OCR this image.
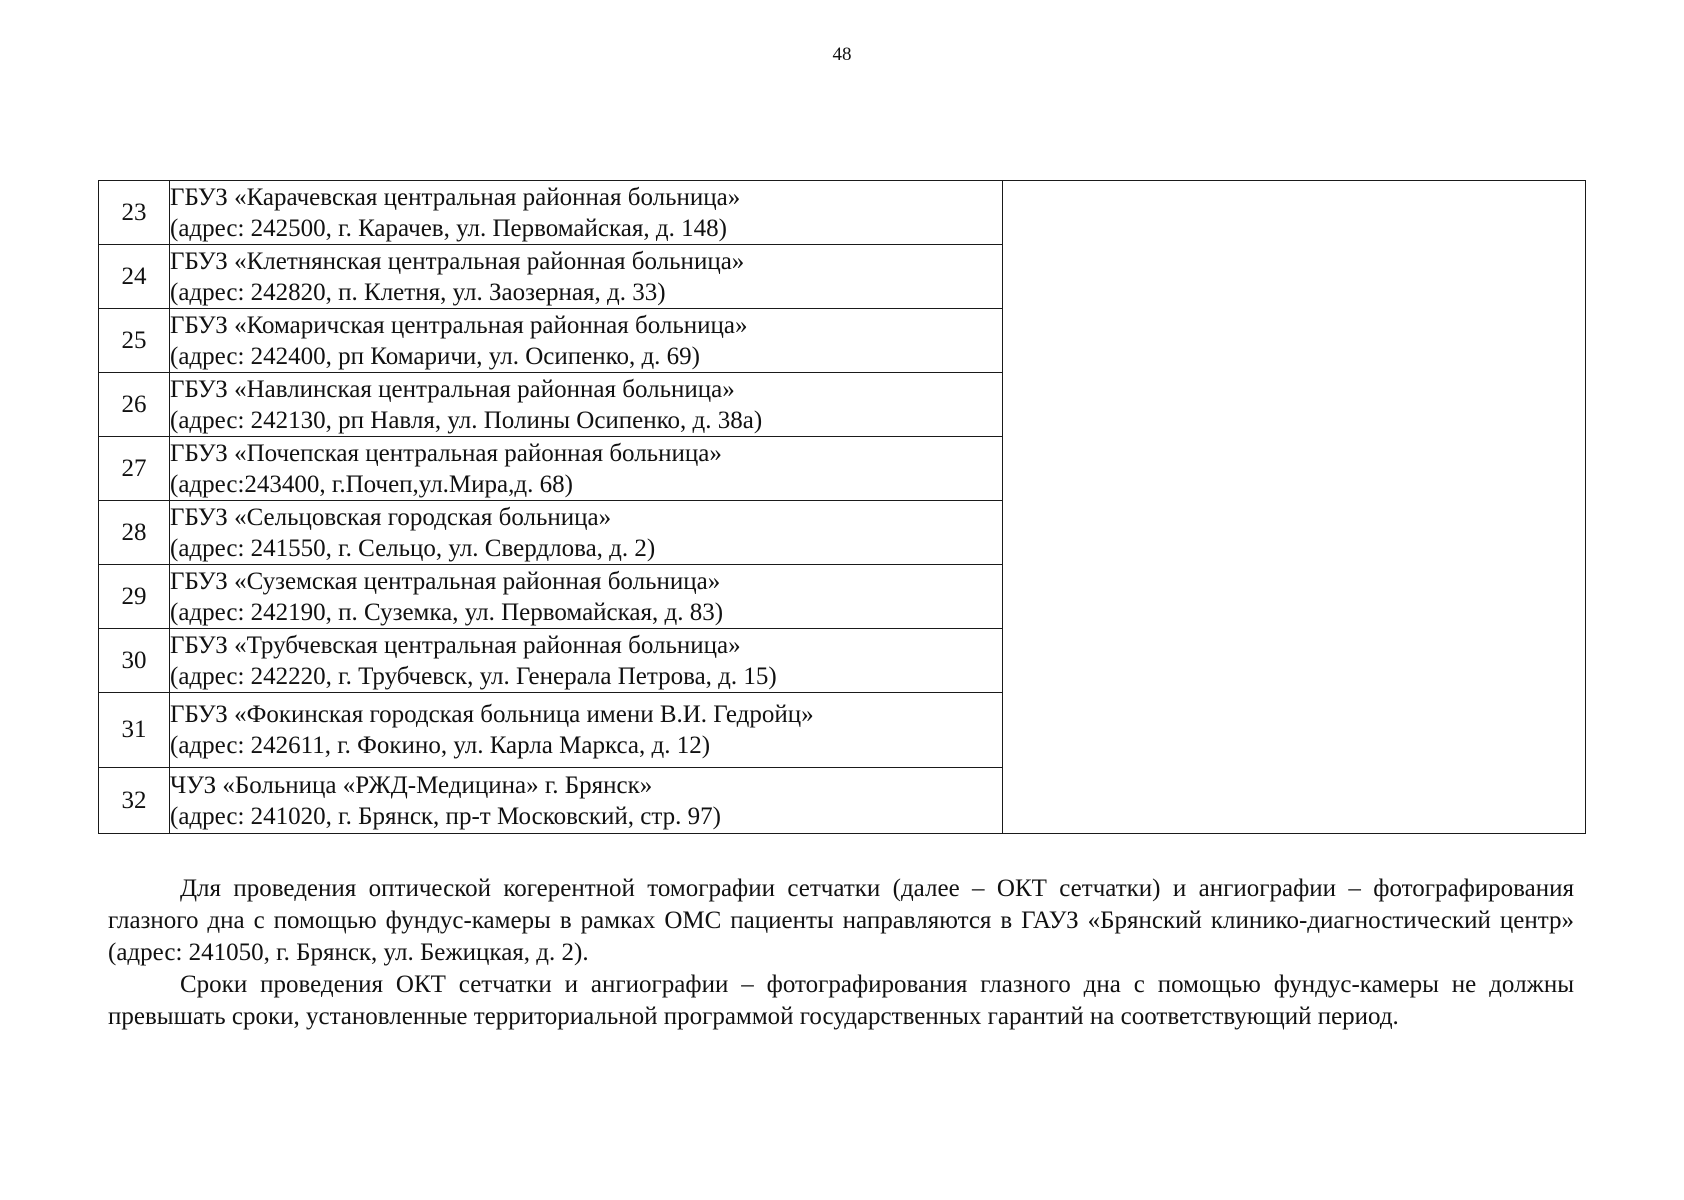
48
23	ГБУЗ «Карачевская центральная районная больница»
(адрес: 242500, г. Карачев, ул. Первомайская, д. 148)	

24	ГБУЗ «Клетнянская центральная районная больница»
(адрес: 242820, п. Клетня, ул. Заозерная, д. 33)	

25	ГБУЗ «Комаричская центральная районная больница»
(адрес: 242400, рп Комаричи, ул. Осипенко, д. 69)	

26	ГБУЗ «Навлинская центральная районная больница»
(адрес: 242130, рп Навля, ул. Полины Осипенко, д. 38а)	

27	ГБУЗ «Почепская центральная районная больница»
(адрес:243400, г.Почеп,ул.Мира,д. 68)	

28	ГБУЗ «Сельцовская городская больница»
(адрес: 241550, г. Сельцо, ул. Свердлова, д. 2)	

29	ГБУЗ «Суземская центральная районная больница»
(адрес: 242190, п. Суземка, ул. Первомайская, д. 83)	

30	ГБУЗ «Трубчевская центральная районная больница»
(адрес: 242220, г. Трубчевск, ул. Генерала Петрова, д. 15)	

31	ГБУЗ «Фокинская городская больница имени В.И. Гедройц»
(адрес: 242611, г. Фокино, ул. Карла Маркса, д. 12)	

32	ЧУЗ «Больница «РЖД-Медицина» г. Брянск»
(адрес: 241020, г. Брянск, пр-т Московский, стр. 97)	

Для проведения оптической когерентной томографии сетчатки (далее – ОКТ сетчатки) и ангиографии – фотографирования глазного дна с помощью фундус-камеры в рамках ОМС пациенты направляются в ГАУЗ «Брянский клинико-диагностический центр» (адрес: 241050, г. Брянск, ул. Бежицкая, д. 2).

Сроки проведения ОКТ сетчатки и ангиографии – фотографирования глазного дна с помощью фундус-камеры не должны превышать сроки, установленные территориальной программой государственных гарантий на соответствующий период.
